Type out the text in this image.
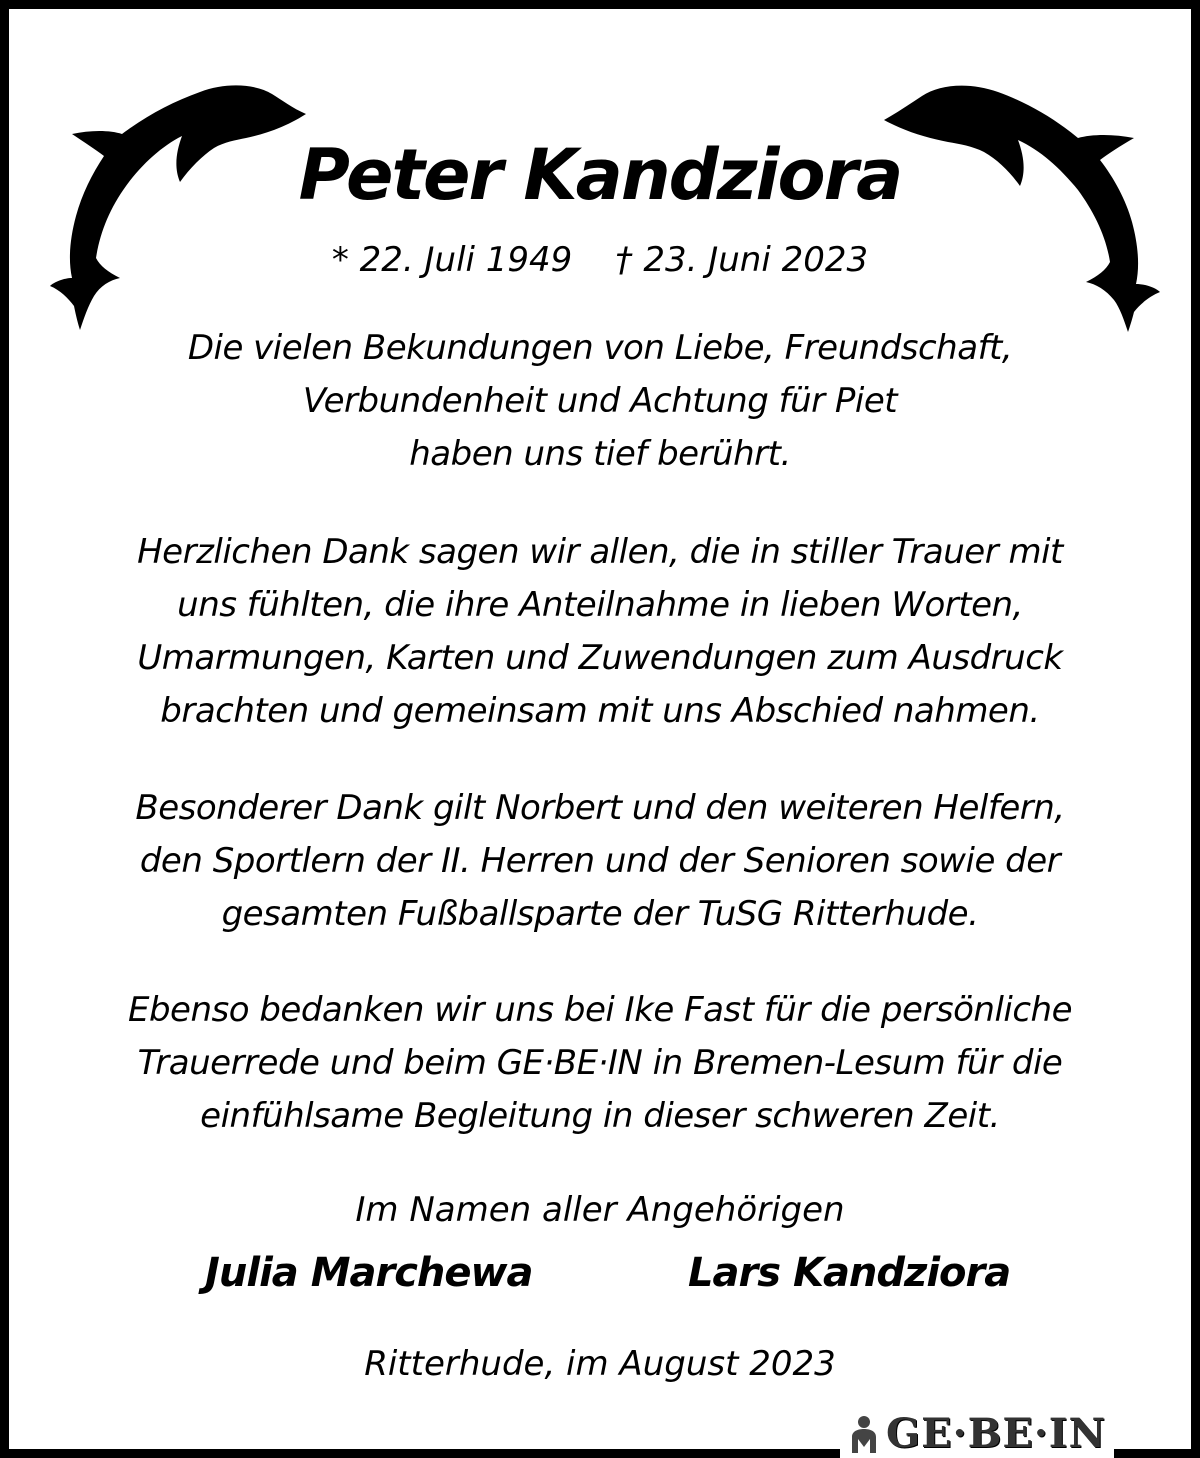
Peter Kandziora
* 22. Juli 1949    † 23. Juni 2023
Die vielen Bekundungen von Liebe, Freundschaft,
Verbundenheit und Achtung für Piet
haben uns tief berührt.
Herzlichen Dank sagen wir allen, die in stiller Trauer mit
uns fühlten, die ihre Anteilnahme in lieben Worten,
Umarmungen, Karten und Zuwendungen zum Ausdruck
brachten und gemeinsam mit uns Abschied nahmen.
Besonderer Dank gilt Norbert und den weiteren Helfern,
den Sportlern der II. Herren und der Senioren sowie der
gesamten Fußballsparte der TuSG Ritterhude.
Ebenso bedanken wir uns bei Ike Fast für die persönliche
Trauerrede und beim GE·BE·IN in Bremen-Lesum für die
einfühlsame Begleitung in dieser schweren Zeit.
Im Namen aller Angehörigen
Julia Marchewa	Lars Kandziora
Ritterhude, im August 2023
GE·BE·IN
